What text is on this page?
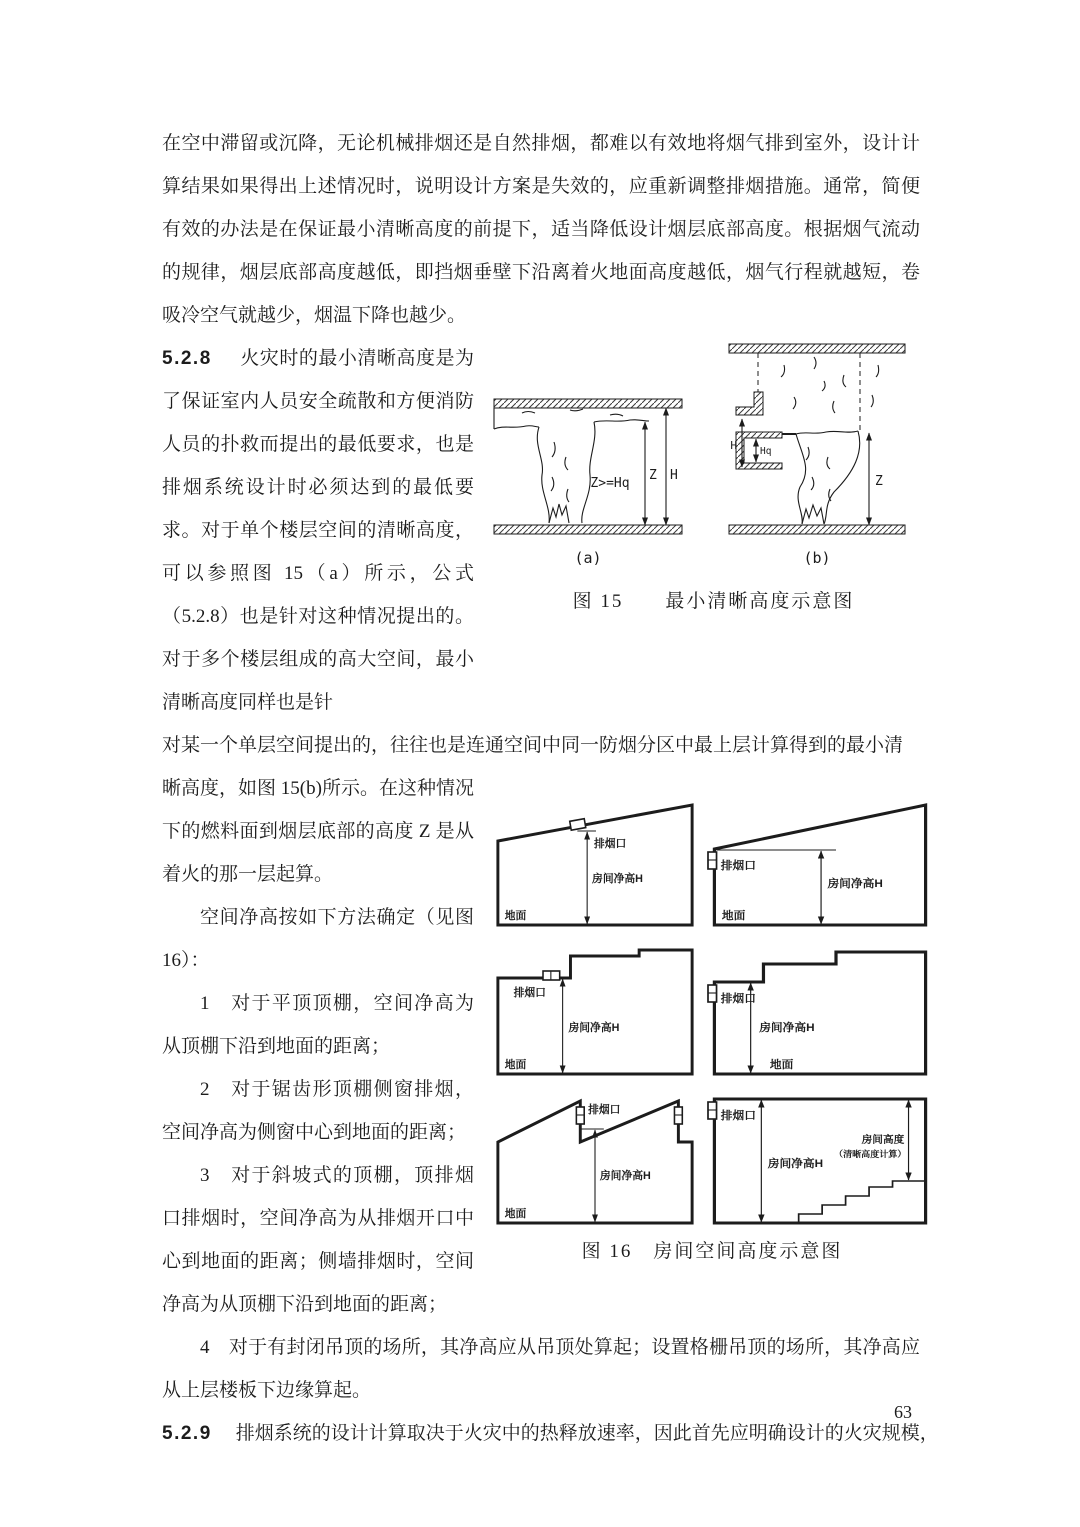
在空中滞留或沉降，无论机械排烟还是自然排烟，都难以有效地将烟气排到室外，设计计算结果如果得出上述情况时，说明设计方案是失效的，应重新调整排烟措施。通常，简便有效的办法是在保证最小清晰高度的前提下，适当降低设计烟层底部高度。根据烟气流动的规律，烟层底部高度越低，即挡烟垂壁下沿离着火地面高度越低，烟气行程就越短，卷吸冷空气就越少，烟温下降也越少。

5.2.8 火灾时的最小清晰高度是为了保证室内人员安全疏散和方便消防人员的扑救而提出的最低要求，也是排烟系统设计时必须达到的最低要求。对于单个楼层空间的清晰高度，可以参照图 15（a）所示，公式（5.2.8）也是针对这种情况提出的。对于多个楼层组成的高大空间，最小清晰高度同样也是针

Z H
Z>=Hq
(a)
H Hq
Z
(b)
图 15　　最小清晰高度示意图

对某一个单层空间提出的，往往也是连通空间中同一防烟分区中最上层计算得到的最小清

晰高度，如图 15(b)所示。在这种情况下的燃料面到烟层底部的高度 Z 是从着火的那一层起算。

空间净高按如下方法确定（见图16）：

1　对于平顶顶棚，空间净高为从顶棚下沿到地面的距离；

2　对于锯齿形顶棚侧窗排烟，空间净高为侧窗中心到地面的距离；

3　对于斜坡式的顶棚，顶排烟口排烟时，空间净高为从排烟开口中心到地面的距离；侧墙排烟时，空间净高为从顶棚下沿到地面的距离；

排烟口
房间净高H
地面
排烟口
房间净高H
地面
排烟口
房间净高H
地面
排烟口
房间净高H
地面
排烟口
房间净高H
地面
排烟口
房间净高H
房间高度
（清晰高度计算）
图 16　房间空间高度示意图

4　对于有封闭吊顶的场所，其净高应从吊顶处算起；设置格栅吊顶的场所，其净高应从上层楼板下边缘算起。

5.2.9 排烟系统的设计计算取决于火灾中的热释放速率，因此首先应明确设计的火灾规模，

63
